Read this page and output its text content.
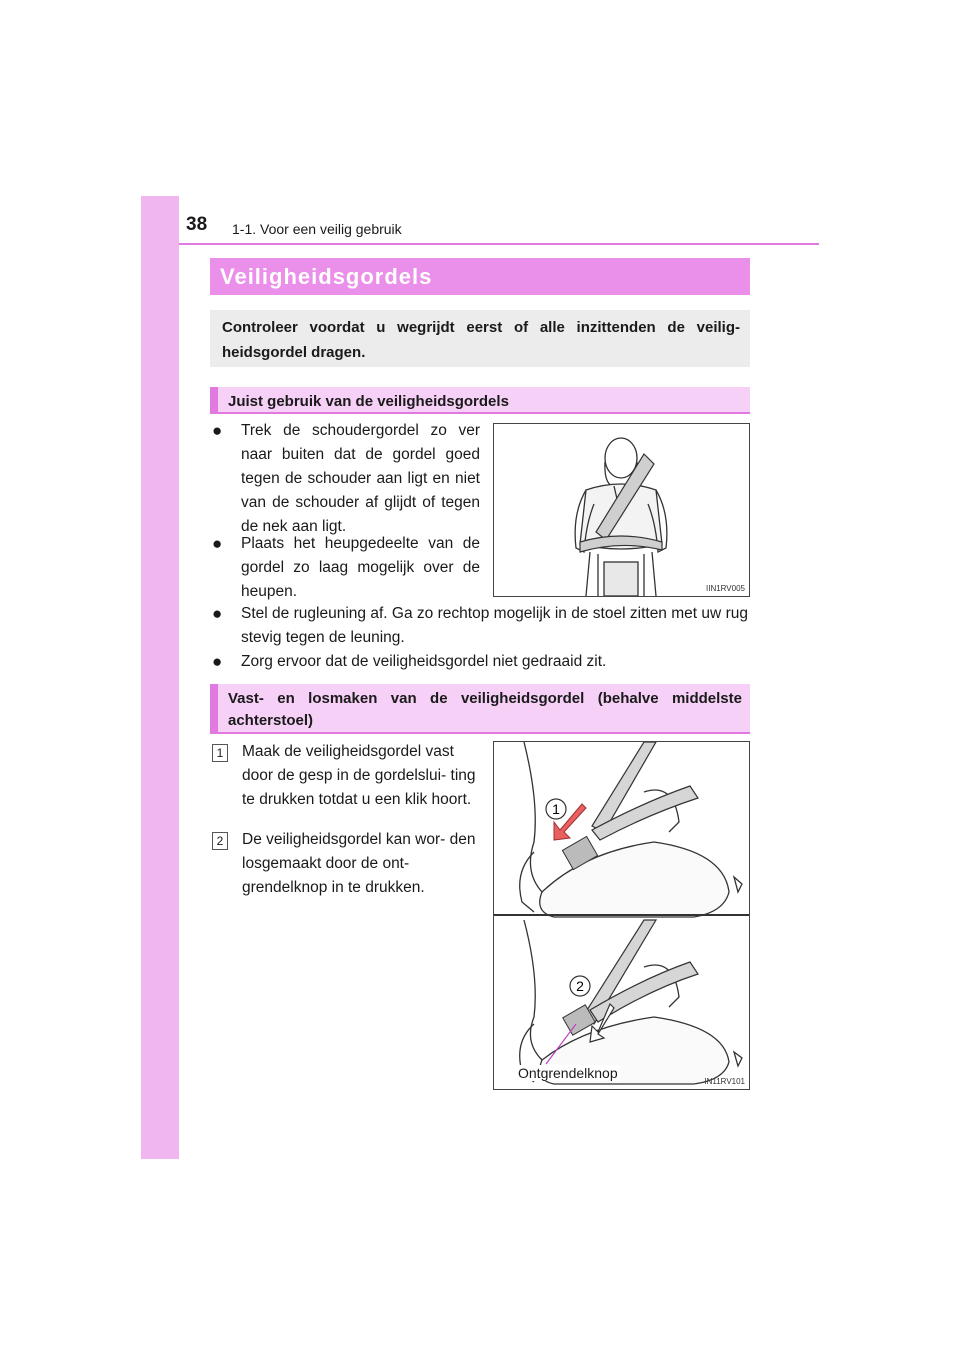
38 1-1. Voor een veilig gebruik
Veiligheidsgordels
Controleer voordat u wegrijdt eerst of alle inzittenden de veilig- heidsgordel dragen.
Juist gebruik van de veiligheidsgordels
● Trek de schoudergordel zo ver naar buiten dat de gordel goed tegen de schouder aan ligt en niet van de schouder af glijdt of tegen de nek aan ligt.
● Plaats het heupgedeelte van de gordel zo laag mogelijk over de heupen.
● Stel de rugleuning af. Ga zo rechtop mogelijk in de stoel zitten met uw rug stevig tegen de leuning.
● Zorg ervoor dat de veiligheidsgordel niet gedraaid zit.
IIN1RV005
Vast- en losmaken van de veiligheidsgordel (behalve middelste achterstoel)
1	Maak de veiligheidsgordel vast door de gesp in de gordelslui- ting te drukken totdat u een klik hoort.
2	De veiligheidsgordel kan wor- den losgemaakt door de ont- grendelknop in te drukken.
1
2
IN11RV101
Ontgrendelknop
